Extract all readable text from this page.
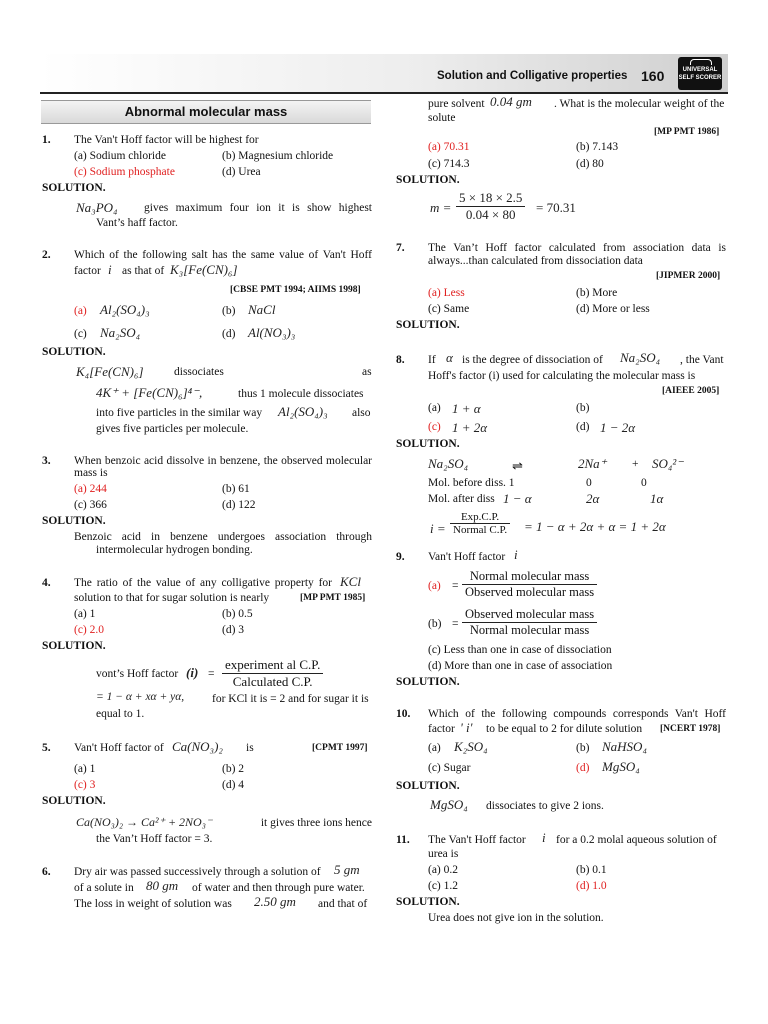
Solution and Colligative properties 160	UNIVERSAL
SELF SCORER
Abnormal molecular mass
1. The Van't Hoff factor will be highest for
(a) Sodium chloride	(b) Magnesium chloride
(c) Sodium phosphate	(d) Urea
SOLUTION.
Na₃PO₄ gives maximum four ion it is show highest
Vant’s haff factor.
2. Which of the following salt has the same value of Van't Hoff
factor i as that of K₃[Fe(CN)₆]
[CBSE PMT 1994; AIIMS 1998]
(a) Al₂(SO₄)₃	(b) NaCl
(c) Na₂SO₄	(d) Al(NO₃)₃
SOLUTION.
K₄[Fe(CN)₆]	dissociates	as
4K⁺ + [Fe(CN)₆]⁴⁻,	thus 1 molecule dissociates
into five particles in the similar way Al₂(SO₄)₃ also
gives five particles per molecule.
3. When benzoic acid dissolve in benzene, the observed molecular
mass is
(a) 244	(b) 61
(c) 366	(d) 122
SOLUTION.
Benzoic acid in benzene undergoes association through
intermolecular hydrogen bonding.
4. The ratio of the value of any colligative property for KCl
solution to that for sugar solution is nearly	[MP PMT 1985]
(a) 1	(b) 0.5
(c) 2.0	(d) 3
SOLUTION.
vont’s Hoff factor (i) =
experiment al C.P.
Calculated C.P.
= 1 − α + xα + yα, for KCl it is = 2 and for sugar it is
equal to 1.
5. Van't Hoff factor of Ca(NO₃)₂ is	[CPMT 1997]
(a) 1	(b) 2
(c) 3	(d) 4
SOLUTION.
Ca(NO₃)₂ → Ca²⁺ + 2NO₃⁻	it gives three ions hence
the Van’t Hoff factor = 3.
6. Dry air was passed successively through a solution of 5 gm
of a solute in 80 gm of water and then through pure water.
The loss in weight of solution was 2.50 gm and that of
pure solvent 0.04 gm . What is the molecular weight of the
solute
[MP PMT 1986]
(a) 70.31	(b) 7.143
(c) 714.3	(d) 80
SOLUTION.
$m = \frac{5 \times 18 \times 2.5}{0.04 \times 80} = 70.31$
7. The Van’t Hoff factor calculated from association data is
always...than calculated from dissociation data
[JIPMER 2000]
(a) Less	(b) More
(c) Same	(d) More or less
SOLUTION.
8. If α is the degree of dissociation of Na₂SO₄ , the Vant
Hoff's factor (i) used for calculating the molecular mass is
[AIEEE 2005]
(a) 1 + α	(b)
(c) 1 + 2α	(d) 1 − 2α
SOLUTION.
Na₂SO₄	⇌	2Na⁺ + SO₄²⁻
Mol. before diss. 1	0	0
Mol. after diss 1 − α	2α	1α
i =
Exp.C.P.
Normal C.P. = 1 − α + 2α + α = 1 + 2α
9. Van't Hoff factor i
(a) =
Normal molecular mass
Observed molecular mass
(b) =
Observed molecular mass
Normal molecular mass
(c) Less than one in case of dissociation
(d) More than one in case of association
SOLUTION.
10. Which of the following compounds corresponds Van't Hoff
factor ' i' to be equal to 2 for dilute solution [NCERT 1978]
(a) K₂SO₄	(b) NaHSO₄
(c) Sugar	(d) MgSO₄
SOLUTION.
MgSO₄ dissociates to give 2 ions.
11. The Van't Hoff factor i for a 0.2 molal aqueous solution of
urea is
(a) 0.2	(b) 0.1
(c) 1.2	(d) 1.0
SOLUTION.
Urea does not give ion in the solution.
